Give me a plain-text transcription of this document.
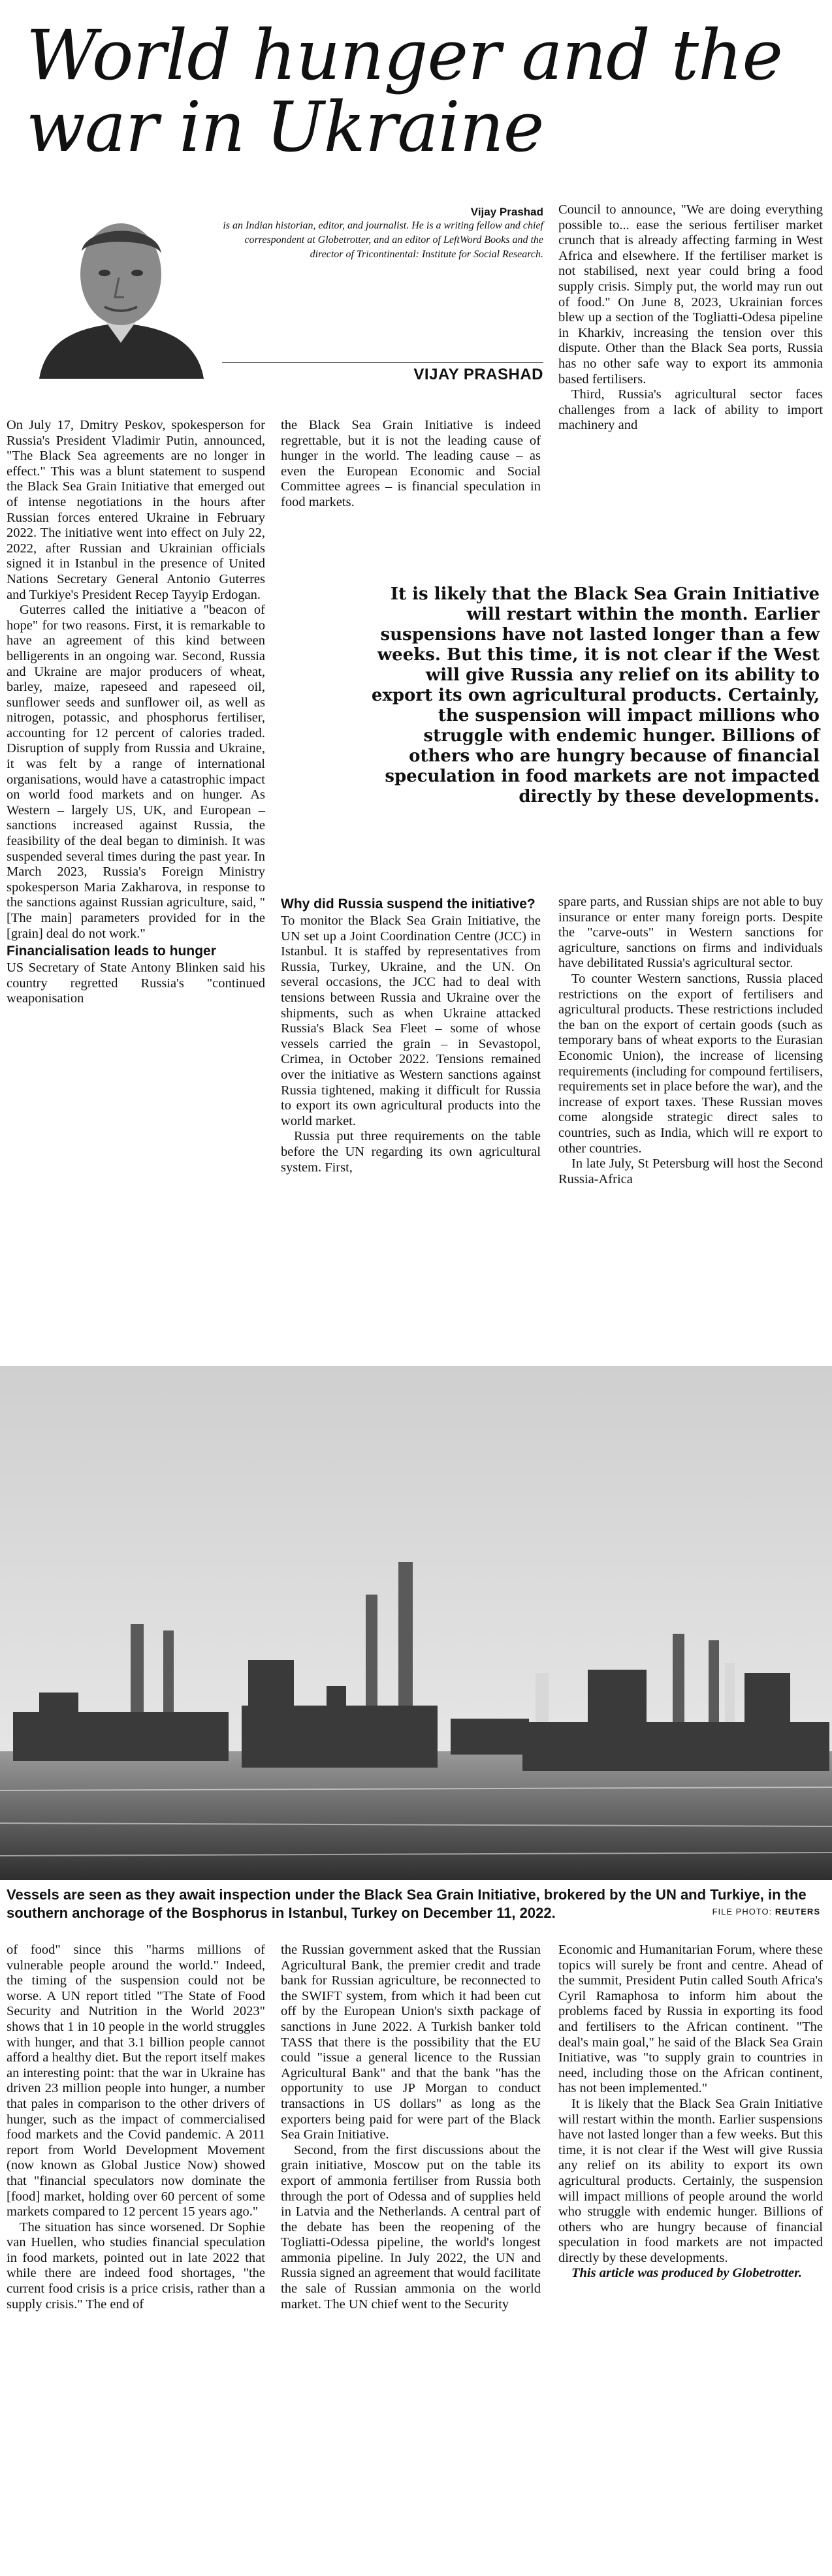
World hunger and the war in Ukraine
Vijay Prashad
is an Indian historian, editor, and journalist. He is a writing fellow and chief correspondent at Globetrotter, and an editor of LeftWord Books and the director of Tricontinental: Institute for Social Research.
VIJAY PRASHAD

On July 17, Dmitry Peskov, spokesperson for Russia's President Vladimir Putin, announced, "The Black Sea agreements are no longer in effect." This was a blunt statement to suspend the Black Sea Grain Initiative that emerged out of intense negotiations in the hours after Russian forces entered Ukraine in February 2022. The initiative went into effect on July 22, 2022, after Russian and Ukrainian officials signed it in Istanbul in the presence of United Nations Secretary General Antonio Guterres and Turkiye's President Recep Tayyip Erdogan.

Guterres called the initiative a "beacon of hope" for two reasons. First, it is remarkable to have an agreement of this kind between belligerents in an ongoing war. Second, Russia and Ukraine are major producers of wheat, barley, maize, rapeseed and rapeseed oil, sunflower seeds and sunflower oil, as well as nitrogen, potassic, and phosphorus fertiliser, accounting for 12 percent of calories traded. Disruption of supply from Russia and Ukraine, it was felt by a range of international organisations, would have a catastrophic impact on world food markets and on hunger. As Western – largely US, UK, and European – sanctions increased against Russia, the feasibility of the deal began to diminish. It was suspended several times during the past year. In March 2023, Russia's Foreign Ministry spokesperson Maria Zakharova, in response to the sanctions against Russian agriculture, said, "[The main] parameters provided for in the [grain] deal do not work."

Financialisation leads to hunger

US Secretary of State Antony Blinken said his country regretted Russia's "continued weaponisation

the Black Sea Grain Initiative is indeed regrettable, but it is not the leading cause of hunger in the world. The leading cause – as even the European Economic and Social Committee agrees – is financial speculation in food markets.

Council to announce, "We are doing everything possible to... ease the serious fertiliser market crunch that is already affecting farming in West Africa and elsewhere. If the fertiliser market is not stabilised, next year could bring a food supply crisis. Simply put, the world may run out of food." On June 8, 2023, Ukrainian forces blew up a section of the Togliatti-Odesa pipeline in Kharkiv, increasing the tension over this dispute. Other than the Black Sea ports, Russia has no other safe way to export its ammonia based fertilisers.

Third, Russia's agricultural sector faces challenges from a lack of ability to import machinery and

It is likely that the Black Sea Grain Initiative will restart within the month. Earlier suspensions have not lasted longer than a few weeks. But this time, it is not clear if the West will give Russia any relief on its ability to export its own agricultural products. Certainly, the suspension will impact millions who struggle with endemic hunger. Billions of others who are hungry because of financial speculation in food markets are not impacted directly by these developments.
Why did Russia suspend the initiative?

To monitor the Black Sea Grain Initiative, the UN set up a Joint Coordination Centre (JCC) in Istanbul. It is staffed by representatives from Russia, Turkey, Ukraine, and the UN. On several occasions, the JCC had to deal with tensions between Russia and Ukraine over the shipments, such as when Ukraine attacked Russia's Black Sea Fleet – some of whose vessels carried the grain – in Sevastopol, Crimea, in October 2022. Tensions remained over the initiative as Western sanctions against Russia tightened, making it difficult for Russia to export its own agricultural products into the world market.

Russia put three requirements on the table before the UN regarding its own agricultural system. First,

spare parts, and Russian ships are not able to buy insurance or enter many foreign ports. Despite the "carve-outs" in Western sanctions for agriculture, sanctions on firms and individuals have debilitated Russia's agricultural sector.

To counter Western sanctions, Russia placed restrictions on the export of fertilisers and agricultural products. These restrictions included the ban on the export of certain goods (such as temporary bans of wheat exports to the Eurasian Economic Union), the increase of licensing requirements (including for compound fertilisers, requirements set in place before the war), and the increase of export taxes. These Russian moves come alongside strategic direct sales to countries, such as India, which will re export to other countries.

In late July, St Petersburg will host the Second Russia-Africa

Vessels are seen as they await inspection under the Black Sea Grain Initiative, brokered by the UN and Turkiye, in the southern anchorage of the Bosphorus in Istanbul, Turkey on December 11, 2022.	FILE PHOTO: REUTERS

of food" since this "harms millions of vulnerable people around the world." Indeed, the timing of the suspension could not be worse. A UN report titled "The State of Food Security and Nutrition in the World 2023" shows that 1 in 10 people in the world struggles with hunger, and that 3.1 billion people cannot afford a healthy diet. But the report itself makes an interesting point: that the war in Ukraine has driven 23 million people into hunger, a number that pales in comparison to the other drivers of hunger, such as the impact of commercialised food markets and the Covid pandemic. A 2011 report from World Development Movement (now known as Global Justice Now) showed that "financial speculators now dominate the [food] market, holding over 60 percent of some markets compared to 12 percent 15 years ago."

The situation has since worsened. Dr Sophie van Huellen, who studies financial speculation in food markets, pointed out in late 2022 that while there are indeed food shortages, "the current food crisis is a price crisis, rather than a supply crisis." The end of

the Russian government asked that the Russian Agricultural Bank, the premier credit and trade bank for Russian agriculture, be reconnected to the SWIFT system, from which it had been cut off by the European Union's sixth package of sanctions in June 2022. A Turkish banker told TASS that there is the possibility that the EU could "issue a general licence to the Russian Agricultural Bank" and that the bank "has the opportunity to use JP Morgan to conduct transactions in US dollars" as long as the exporters being paid for were part of the Black Sea Grain Initiative.

Second, from the first discussions about the grain initiative, Moscow put on the table its export of ammonia fertiliser from Russia both through the port of Odessa and of supplies held in Latvia and the Netherlands. A central part of the debate has been the reopening of the Togliatti-Odessa pipeline, the world's longest ammonia pipeline. In July 2022, the UN and Russia signed an agreement that would facilitate the sale of Russian ammonia on the world market. The UN chief went to the Security

Economic and Humanitarian Forum, where these topics will surely be front and centre. Ahead of the summit, President Putin called South Africa's Cyril Ramaphosa to inform him about the problems faced by Russia in exporting its food and fertilisers to the African continent. "The deal's main goal," he said of the Black Sea Grain Initiative, was "to supply grain to countries in need, including those on the African continent, has not been implemented."

It is likely that the Black Sea Grain Initiative will restart within the month. Earlier suspensions have not lasted longer than a few weeks. But this time, it is not clear if the West will give Russia any relief on its ability to export its own agricultural products. Certainly, the suspension will impact millions of people around the world who struggle with endemic hunger. Billions of others who are hungry because of financial speculation in food markets are not impacted directly by these developments.

This article was produced by Globetrotter.
